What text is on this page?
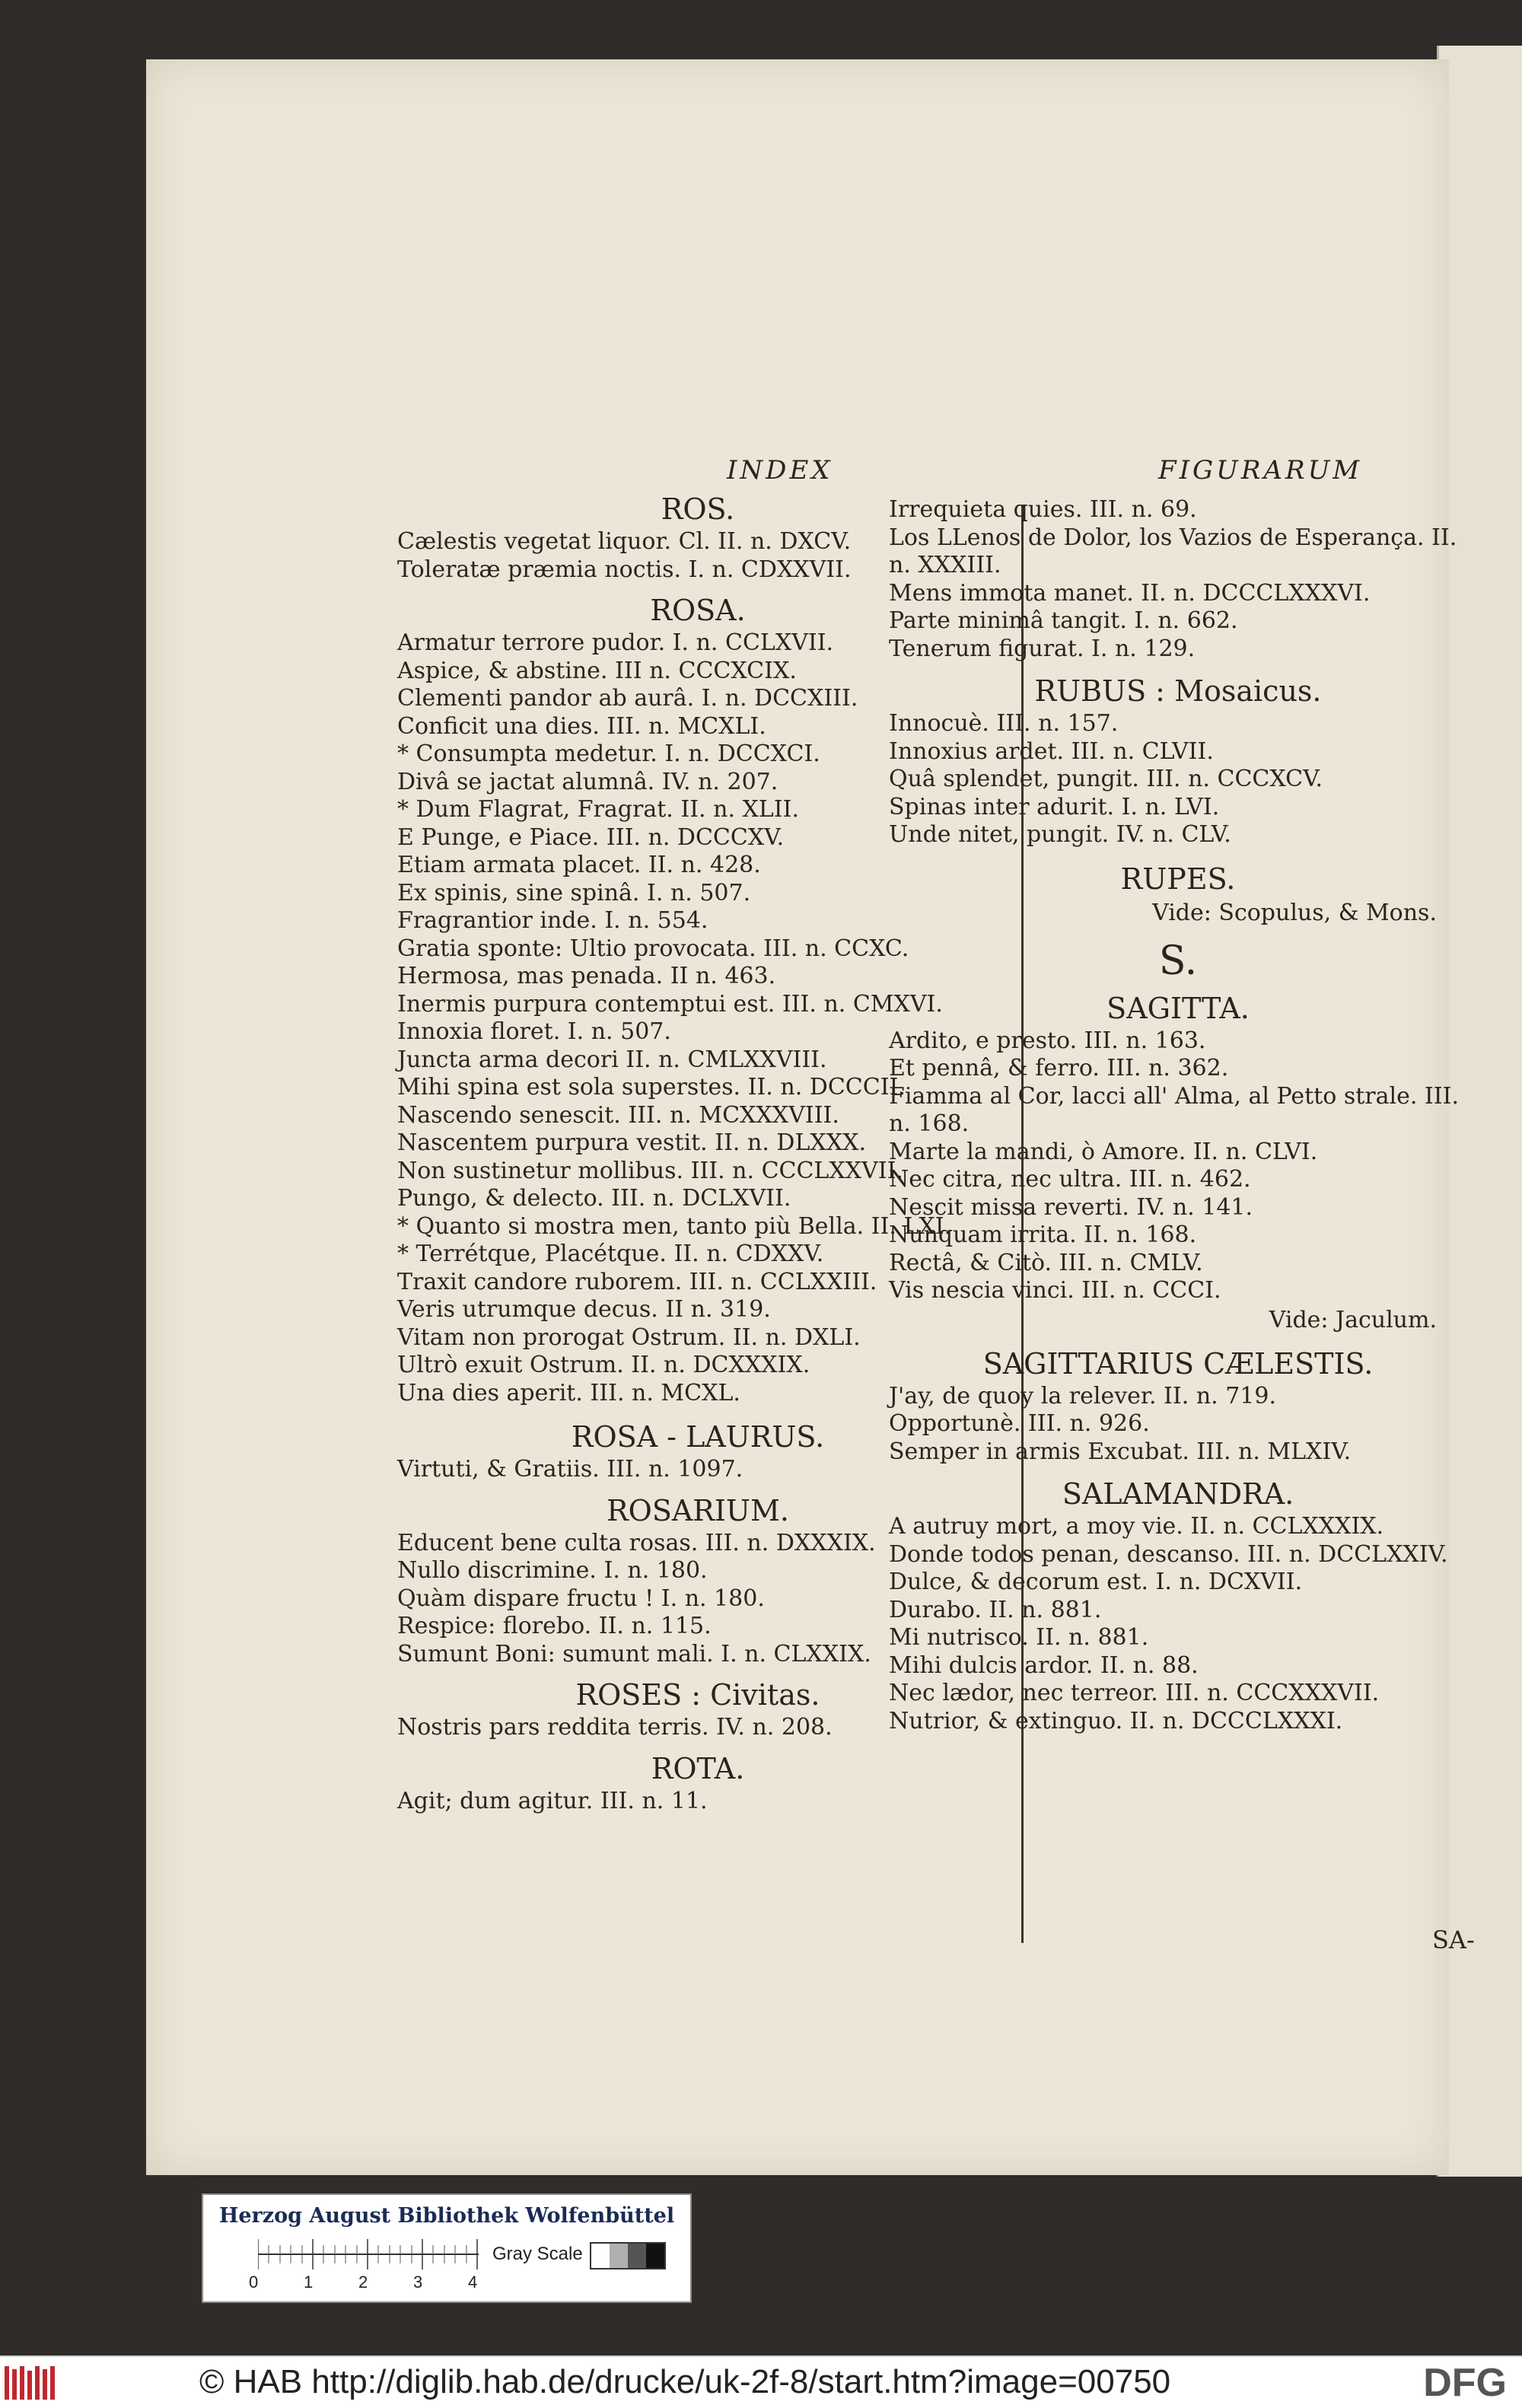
INDEX	FIGURARUM
ROS.
Cælestis vegetat liquor. Cl. II. n. DXCV.
Toleratæ præmia noctis. I. n. CDXXVII.
ROSA.
Armatur terrore pudor. I. n. CCLXVII.
Aspice, & abstine. III n. CCCXCIX.
Clementi pandor ab aurâ. I. n. DCCXIII.
Conficit una dies. III. n. MCXLI.
* Consumpta medetur. I. n. DCCXCI.
Divâ se jactat alumnâ. IV. n. 207.
* Dum Flagrat, Fragrat. II. n. XLII.
E Punge, e Piace. III. n. DCCCXV.
Etiam armata placet. II. n. 428.
Ex spinis, sine spinâ. I. n. 507.
Fragrantior inde. I. n. 554.
Gratia sponte: Ultio provocata. III. n. CCXC.
Hermosa, mas penada. II n. 463.
Inermis purpura contemptui est. III. n. CMXVI.
Innoxia floret. I. n. 507.
Juncta arma decori II. n. CMLXXVIII.
Mihi spina est sola superstes. II. n. DCCCII.
Nascendo senescit. III. n. MCXXXVIII.
Nascentem purpura vestit. II. n. DLXXX.
Non sustinetur mollibus. III. n. CCCLXXVII.
Pungo, & delecto. III. n. DCLXVII.
* Quanto si mostra men, tanto più Bella. II. LXI.
* Terrétque, Placétque. II. n. CDXXV.
Traxit candore ruborem. III. n. CCLXXIII.
Veris utrumque decus. II n. 319.
Vitam non prorogat Ostrum. II. n. DXLI.
Ultrò exuit Ostrum. II. n. DCXXXIX.
Una dies aperit. III. n. MCXL.
ROSA - LAURUS.
Virtuti, & Gratiis. III. n. 1097.
ROSARIUM.
Educent bene culta rosas. III. n. DXXXIX.
Nullo discrimine. I. n. 180.
Quàm dispare fructu ! I. n. 180.
Respice: florebo. II. n. 115.
Sumunt Boni: sumunt mali. I. n. CLXXIX.
ROSES : Civitas.
Nostris pars reddita terris. IV. n. 208.
ROTA.
Agit; dum agitur. III. n. 11.
Irrequieta quies. III. n. 69.
Los LLenos de Dolor, los Vazios de Esperança. II. n. XXXIII.
Mens immota manet. II. n. DCCCLXXXVI.
Parte minimâ tangit. I. n. 662.
Tenerum figurat. I. n. 129.
RUBUS : Mosaicus.
Innocuè. III. n. 157.
Innoxius ardet. III. n. CLVII.
Quâ splendet, pungit. III. n. CCCXCV.
Spinas inter adurit. I. n. LVI.
Unde nitet, pungit. IV. n. CLV.
RUPES.
Vide: Scopulus, & Mons.
S.
SAGITTA.
Ardito, e presto. III. n. 163.
Et pennâ, & ferro. III. n. 362.
Fiamma al Cor, lacci all' Alma, al Petto strale. III. n. 168.
Marte la mandi, ò Amore. II. n. CLVI.
Nec citra, nec ultra. III. n. 462.
Nescit missa reverti. IV. n. 141.
Nunquam irrita. II. n. 168.
Rectâ, & Citò. III. n. CMLV.
Vis nescia vinci. III. n. CCCI.
Vide: Jaculum.
SAGITTARIUS CÆLESTIS.
J'ay, de quoy la relever. II. n. 719.
Opportunè. III. n. 926.
Semper in armis Excubat. III. n. MLXIV.
SALAMANDRA.
A autruy mort, a moy vie. II. n. CCLXXXIX.
Donde todos penan, descanso. III. n. DCCLXXIV.
Dulce, & decorum est. I. n. DCXVII.
Durabo. II. n. 881.
Mi nutrisco. II. n. 881.
Mihi dulcis ardor. II. n. 88.
Nec lædor, nec terreor. III. n. CCCXXXVII.
Nutrior, & extinguo. II. n. DCCCLXXXI.
SA-
Herzog August Bibliothek Wolfenbüttel
0	1	2	3	4
Gray Scale
© HAB http://diglib.hab.de/drucke/uk-2f-8/start.htm?image=00750	DFG
